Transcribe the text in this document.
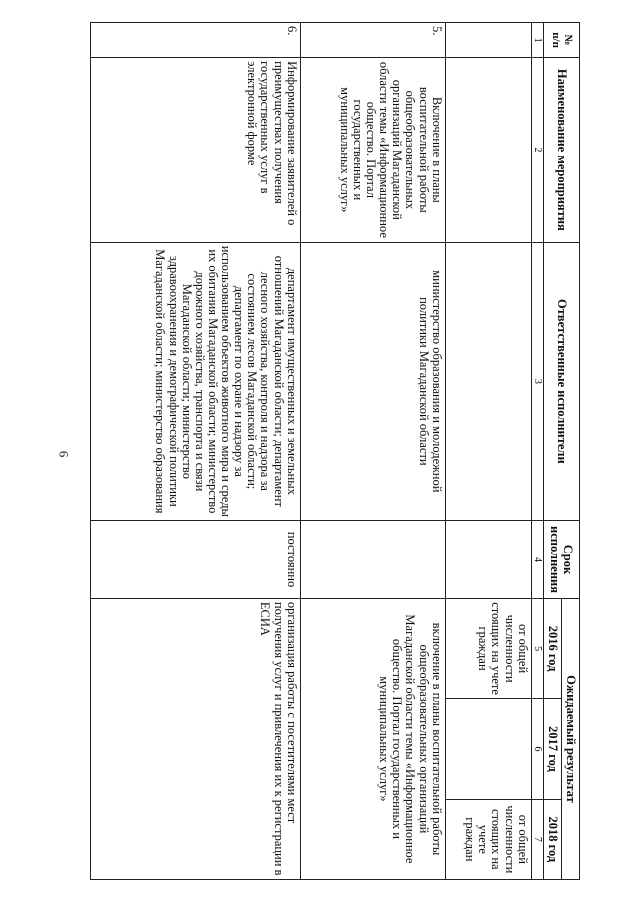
6
№
п/п	Наименование мероприятия	Ответственные исполнители	Срок исполнения	Ожидаемый результат		
				2016 год	2017 год	2018 год
1	2	3	4	5	6	7
				от общей численности стоящих на учете граждан		от общей численности стоящих на учете граждан
5.	Включение в планы воспитательной работы общеобразовательных организаций Магаданской области темы «Информационное общество. Портал государственных и муниципальных услуг»	министерство образования и молодежной политики Магаданской области		включение в планы воспитательной работы общеобразовательных организаций Магаданской области темы «Информационное общество. Портал государственных и муниципальных услуг»		
6.	Информирование заявителей о преимуществах получения государственных услуг в электронной форме	департамент имущественных и земельных отношений Магаданской области; департамент лесного хозяйства, контроля и надзора за состоянием лесов Магаданской области; департамент по охране и надзору за использованием объектов животного мира и среды их обитания Магаданской области; министерство дорожного хозяйства, транспорта и связи Магаданской области; министерство здравоохранения и демографической политики Магаданской области; министерство образования	постоянно	организация работы с посетителями мест получения услуг и привлечения их к регистрации в ЕСИА		
